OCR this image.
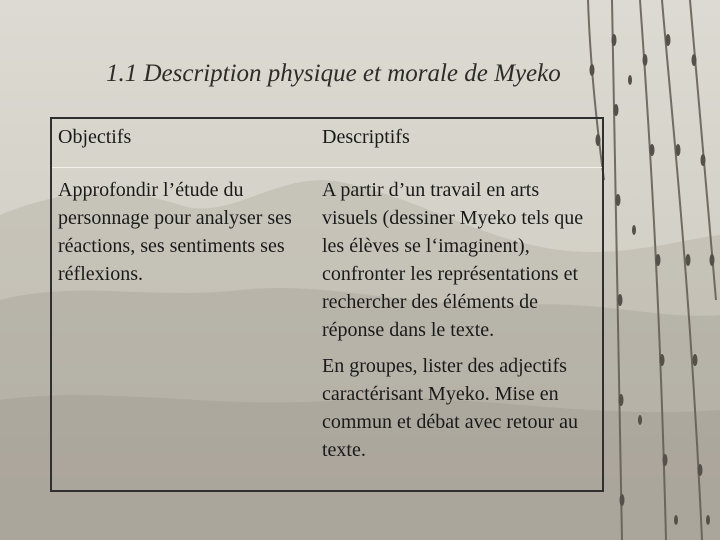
1.1 Description physique et morale de Myeko
Objectifs	Descriptifs

Approfondir l’étude du personnage pour analyser ses réactions, ses sentiments ses réflexions.	A partir d’un travail en arts visuels (dessiner Myeko tels que les élèves se l‘imaginent), confronter les représentations et rechercher des éléments de réponse dans le texte.

En groupes, lister des adjectifs caractérisant Myeko. Mise en commun et débat avec retour au texte.
